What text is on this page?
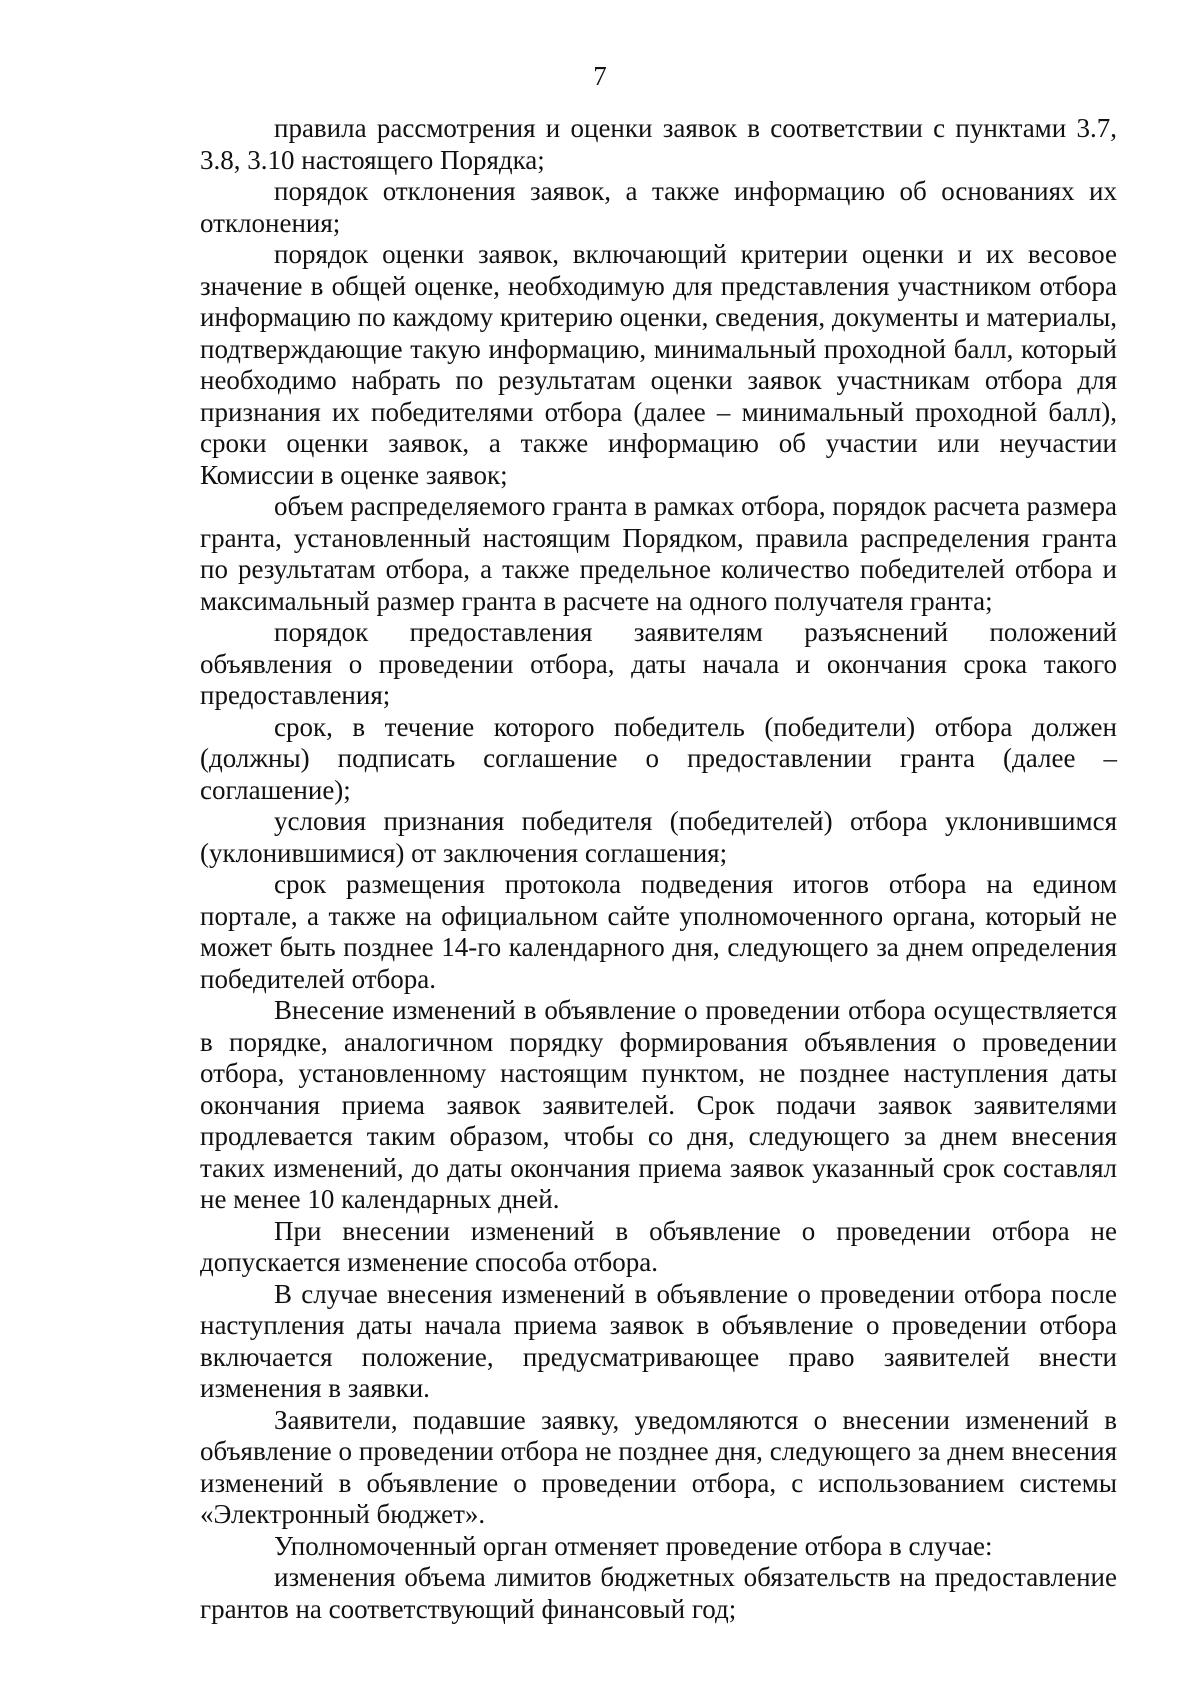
7

правила рассмотрения и оценки заявок в соответствии с пунктами 3.7, 3.8, 3.10 настоящего Порядка;

порядок отклонения заявок, а также информацию об основаниях их отклонения;

порядок оценки заявок, включающий критерии оценки и их весовое значение в общей оценке, необходимую для представления участником отбора информацию по каждому критерию оценки, сведения, документы и материалы, подтверждающие такую информацию, минимальный проходной балл, который необходимо набрать по результатам оценки заявок участникам отбора для признания их победителями отбора (далее – минимальный проходной балл), сроки оценки заявок, а также информацию об участии или неучастии Комиссии в оценке заявок;

объем распределяемого гранта в рамках отбора, порядок расчета размера гранта, установленный настоящим Порядком, правила распределения гранта по результатам отбора, а также предельное количество победителей отбора и максимальный размер гранта в расчете на одного получателя гранта;

порядок предоставления заявителям разъяснений положений объявления о проведении отбора, даты начала и окончания срока такого предоставления;

срок, в течение которого победитель (победители) отбора должен (должны) подписать соглашение о предоставлении гранта (далее – соглашение);

условия признания победителя (победителей) отбора уклонившимся (уклонившимися) от заключения соглашения;

срок размещения протокола подведения итогов отбора на едином портале, а также на официальном сайте уполномоченного органа, который не может быть позднее 14-го календарного дня, следующего за днем определения победителей отбора.

Внесение изменений в объявление о проведении отбора осуществляется в порядке, аналогичном порядку формирования объявления о проведении отбора, установленному настоящим пунктом, не позднее наступления даты окончания приема заявок заявителей. Срок подачи заявок заявителями продлевается таким образом, чтобы со дня, следующего за днем внесения таких изменений, до даты окончания приема заявок указанный срок составлял не менее 10 календарных дней.

При внесении изменений в объявление о проведении отбора не допускается изменение способа отбора.

В случае внесения изменений в объявление о проведении отбора после наступления даты начала приема заявок в объявление о проведении отбора включается положение, предусматривающее право заявителей внести изменения в заявки.

Заявители, подавшие заявку, уведомляются о внесении изменений в объявление о проведении отбора не позднее дня, следующего за днем внесения изменений в объявление о проведении отбора, с использованием системы «Электронный бюджет».

Уполномоченный орган отменяет проведение отбора в случае:

изменения объема лимитов бюджетных обязательств на предоставление грантов на соответствующий финансовый год;
